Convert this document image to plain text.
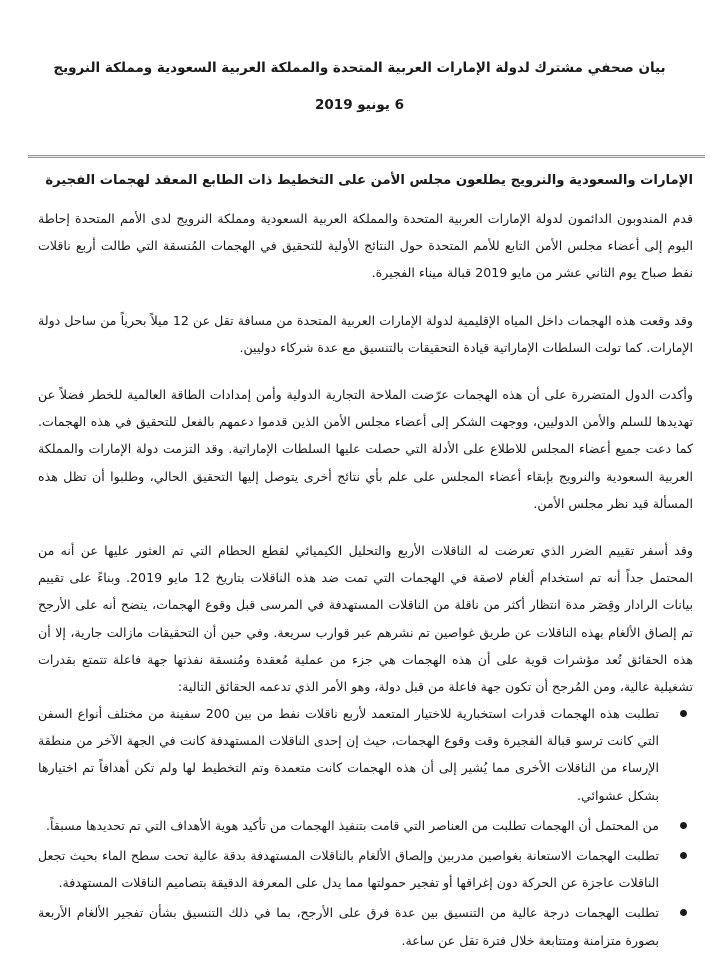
بيان صحفي مشترك لدولة الإمارات العربية المتحدة والمملكة العربية السعودية ومملكة النرويج
6 يونيو 2019
الإمارات والسعودية والنرويج يطلعون مجلس الأمن على التخطيط ذات الطابع المعقد لهجمات الفجيرة

قدم المندوبون الدائمون لدولة الإمارات العربية المتحدة والمملكة العربية السعودية ومملكة النرويج لدى الأمم المتحدة إحاطة اليوم إلى أعضاء مجلس الأمن التابع للأمم المتحدة حول النتائج الأولية للتحقيق في الهجمات المُنسقة التي طالت أربع ناقلات نفط صباح يوم الثاني عشر من مايو 2019 قبالة ميناء الفجيرة.

وقد وقعت هذه الهجمات داخل المياه الإقليمية لدولة الإمارات العربية المتحدة من مسافة تقل عن 12 ميلاً بحرياً من ساحل دولة الإمارات. كما تولت السلطات الإماراتية قيادة التحقيقات بالتنسيق مع عدة شركاء دوليين.

وأكدت الدول المتضررة على أن هذه الهجمات عرّضت الملاحة التجارية الدولية وأمن إمدادات الطاقة العالمية للخطر فضلاً عن تهديدها للسلم والأمن الدوليين، ووجهت الشكر إلى أعضاء مجلس الأمن الذين قدموا دعمهم بالفعل للتحقيق في هذه الهجمات. كما دعت جميع أعضاء المجلس للاطلاع على الأدلة التي حصلت عليها السلطات الإماراتية. وقد التزمت دولة الإمارات والمملكة العربية السعودية والنرويج بإبقاء أعضاء المجلس على علم بأي نتائج أخرى يتوصل إليها التحقيق الحالي، وطلبوا أن تظل هذه المسألة قيد نظر مجلس الأمن.

وقد أسفر تقييم الضرر الذي تعرضت له الناقلات الأربع والتحليل الكيميائي لقطع الحطام التي تم العثور عليها عن أنه من المحتمل جداً أنه تم استخدام ألغام لاصقة في الهجمات التي تمت ضد هذه الناقلات بتاريخ 12 مايو 2019. وبناءً على تقييم بيانات الرادار وقِصَر مدة انتظار أكثر من ناقلة من الناقلات المستهدفة في المرسى قبل وقوع الهجمات، يتضح أنه على الأرجح تم إلصاق الألغام بهذه الناقلات عن طريق غواصين تم نشرهم عبر قوارب سريعة. وفي حين أن التحقيقات مازالت جارية، إلا أن هذه الحقائق تُعد مؤشرات قوية على أن هذه الهجمات هي جزء من عملية مُعقدة ومُنسقة نفذتها جهة فاعلة تتمتع بقدرات تشغيلية عالية، ومن المُرجح أن تكون جهة فاعلة من قبل دولة، وهو الأمر الذي تدعمه الحقائق التالية:

تطلبت هذه الهجمات قدرات استخبارية للاختيار المتعمد لأربع ناقلات نفط من بين 200 سفينة من مختلف أنواع السفن التي كانت ترسو قبالة الفجيرة وقت وقوع الهجمات، حيث إن إحدى الناقلات المستهدفة كانت في الجهة الآخر من منطقة الإرساء من الناقلات الأخرى مما يُشير إلى أن هذه الهجمات كانت متعمدة وتم التخطيط لها ولم تكن أهدافاً تم اختيارها بشكل عشوائي.
من المحتمل أن الهجمات تطلبت من العناصر التي قامت بتنفيذ الهجمات من تأكيد هوية الأهداف التي تم تحديدها مسبقاً.
تطلبت الهجمات الاستعانة بغواصين مدربين وإلصاق الألغام بالناقلات المستهدفة بدقة عالية تحت سطح الماء بحيث تجعل الناقلات عاجزة عن الحركة دون إغراقها أو تفجير حمولتها مما يدل على المعرفة الدقيقة بتصاميم الناقلات المستهدفة.
تطلبت الهجمات درجة عالية من التنسيق بين عدة فرق على الأرجح، بما في ذلك التنسيق بشأن تفجير الألغام الأربعة بصورة متزامنة ومتتابعة خلال فترة تقل عن ساعة.
